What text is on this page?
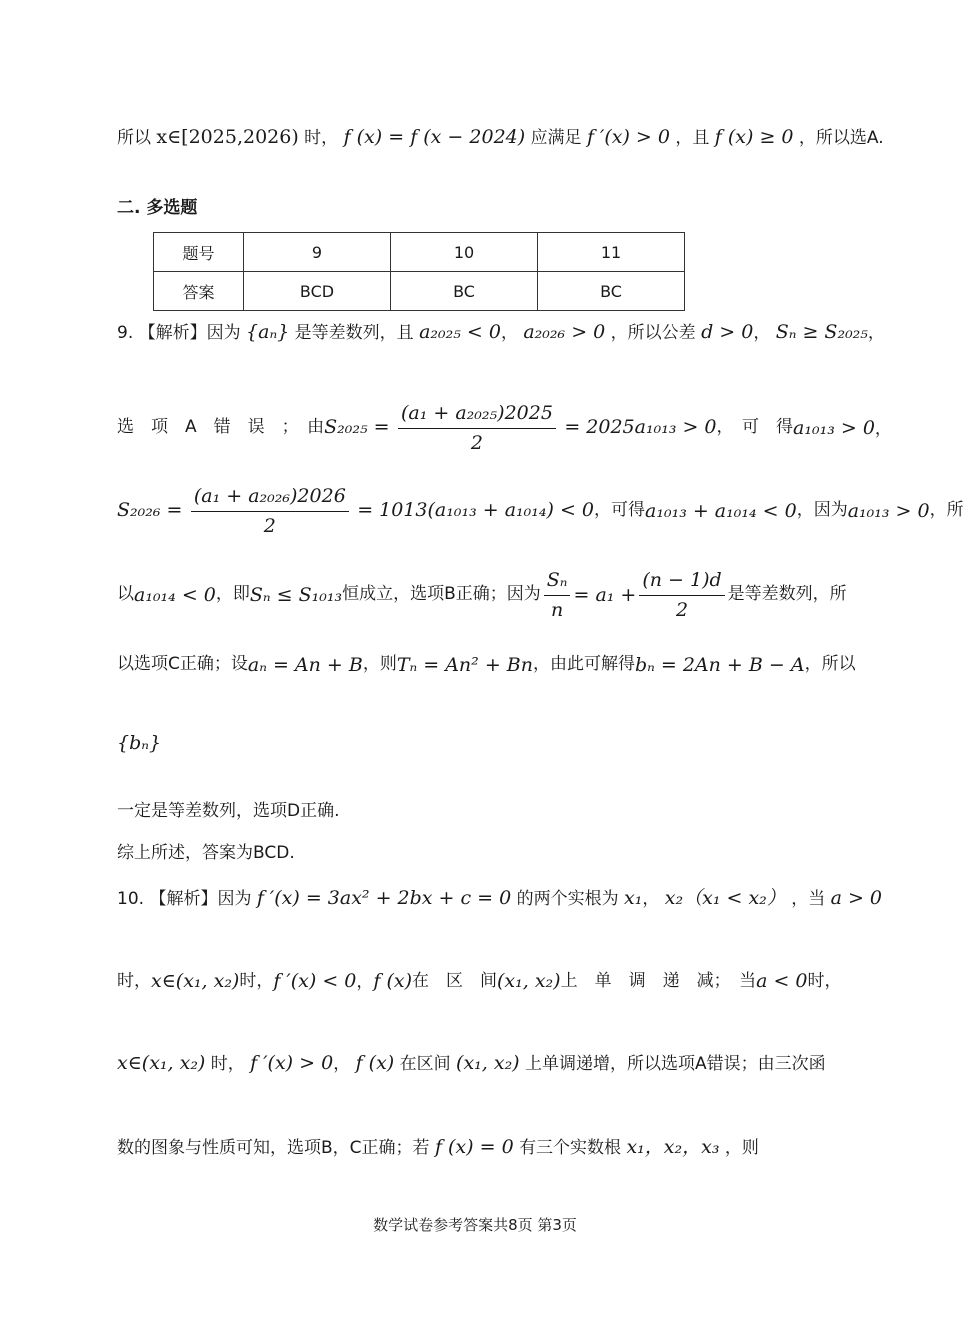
所以 x∈[2025,2026) 时， f (x) = f (x − 2024) 应满足 f ′(x) > 0 ，且 f (x) ≥ 0 ，所以选A.
二. 多选题
题号	9	10	11
答案	BCD	BC	BC
9. 【解析】因为 {aₙ} 是等差数列，且 a₂₀₂₅ < 0， a₂₀₂₆ > 0 ，所以公差 d > 0， Sₙ ≥ S₂₀₂₅，
选　项　A　错　误　；　由 $S_{2025} = \frac{\text{(a₁ + a₂₀₂₅)2025}}{2} = 2025a_{1013} > 0$ ，　可　得 a₁₀₁₃ > 0，
$S_{2026} = \frac{\text{(a₁ + a₂₀₂₆)2026}}{2} = 1013(a_{1013} + a_{1014}) < 0$ ，可得 a₁₀₁₃ + a₁₀₁₄ < 0 ，因为 a₁₀₁₃ > 0 ，所
以 a₁₀₁₄ < 0 ，即 Sₙ ≤ S₁₀₁₃ 恒成立，选项B正确；因为 $\frac{\text{Sₙ}}{n} = a_1 + \frac{(n - 1)d}{2}$ 是等差数列，所
以选项C正确；设 aₙ = An + B ，则 Tₙ = An² + Bn ，由此可解得 bₙ = 2An + B − A ，所以
{bₙ}
一定是等差数列，选项D正确.
综上所述，答案为BCD.
10. 【解析】因为 f ′(x) = 3ax² + 2bx + c = 0 的两个实根为 x₁， x₂（x₁ < x₂） ，当 a > 0
时， x∈(x₁, x₂) 时， f ′(x) < 0， f (x) 在　区　间 (x₁, x₂) 上　单　调　递　减；　当 a < 0 时，
x∈(x₁, x₂) 时， f ′(x) > 0， f (x) 在区间 (x₁, x₂) 上单调递增，所以选项A错误；由三次函
数的图象与性质可知，选项B，C正确；若 f (x) = 0 有三个实数根 x₁，x₂，x₃ ，则
数学试卷参考答案共8页 第3页
